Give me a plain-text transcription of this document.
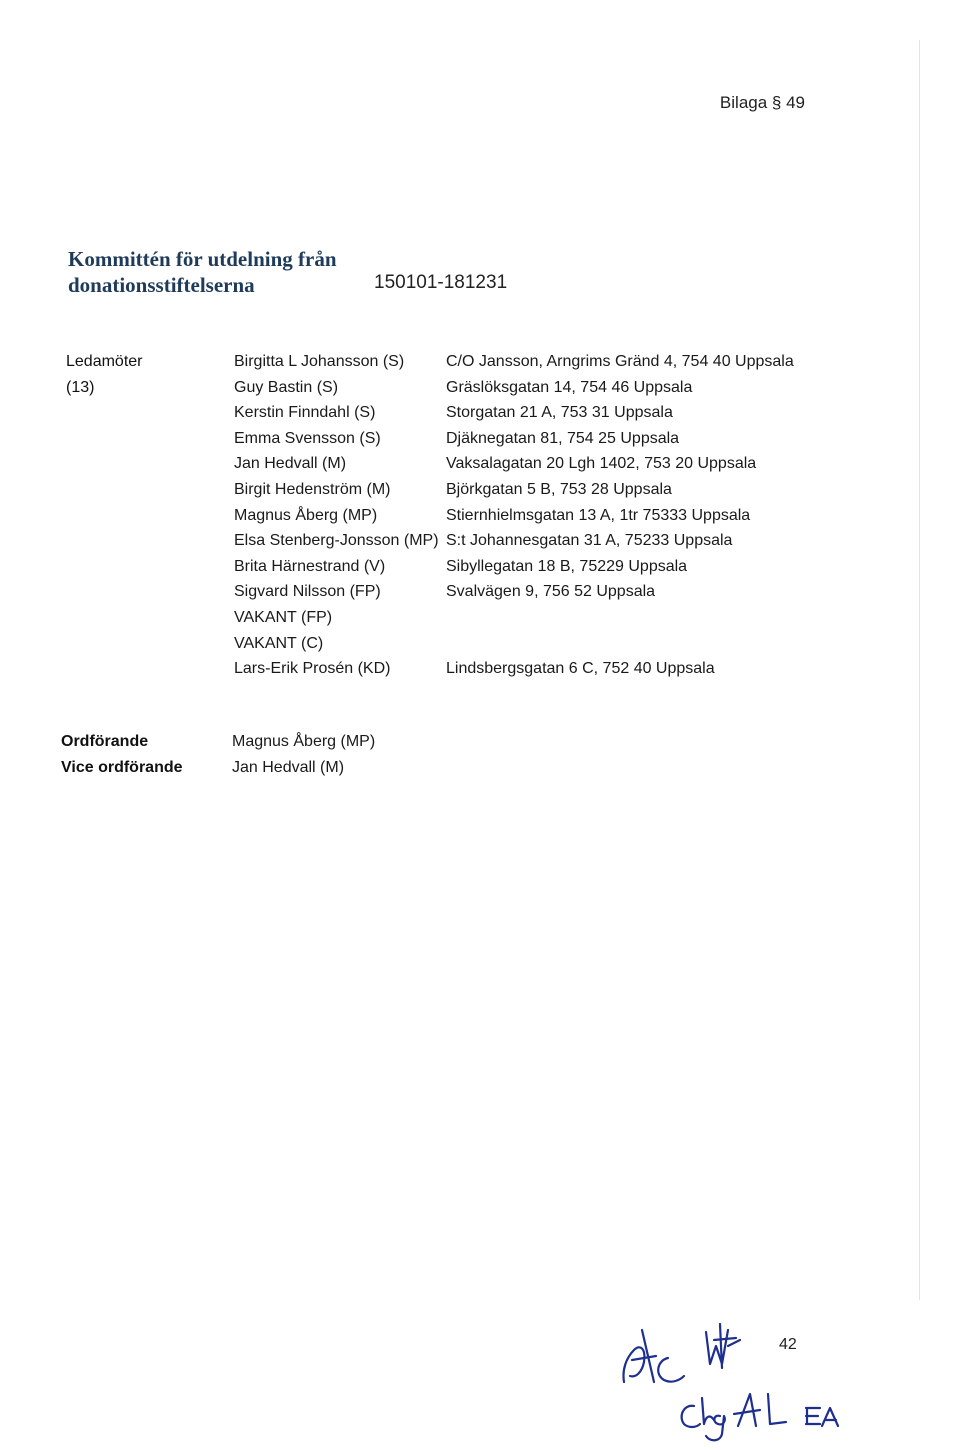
Bilaga § 49
Kommittén för utdelning från
donationsstiftelserna	150101-181231
Ledamöter
(13)
Birgitta L Johansson (S)
Guy Bastin (S)
Kerstin Finndahl (S)
Emma Svensson (S)
Jan Hedvall (M)
Birgit Hedenström (M)
Magnus Åberg (MP)
Elsa Stenberg-Jonsson (MP)
Brita Härnestrand (V)
Sigvard Nilsson (FP)
VAKANT (FP)
VAKANT (C)
Lars-Erik Prosén (KD)
C/O Jansson, Arngrims Gränd 4, 754 40 Uppsala
Gräslöksgatan 14, 754 46 Uppsala
Storgatan 21 A, 753 31 Uppsala
Djäknegatan 81, 754 25 Uppsala
Vaksalagatan 20 Lgh 1402, 753 20 Uppsala
Björkgatan 5 B, 753 28 Uppsala
Stiernhielmsgatan 13 A, 1tr 75333 Uppsala
S:t Johannesgatan 31 A, 75233 Uppsala
Sibyllegatan 18 B, 75229 Uppsala
Svalvägen 9, 756 52 Uppsala
Lindsbergsgatan 6 C, 752 40 Uppsala
Ordförande
Vice ordförande
Magnus Åberg (MP)
Jan Hedvall (M)
42
